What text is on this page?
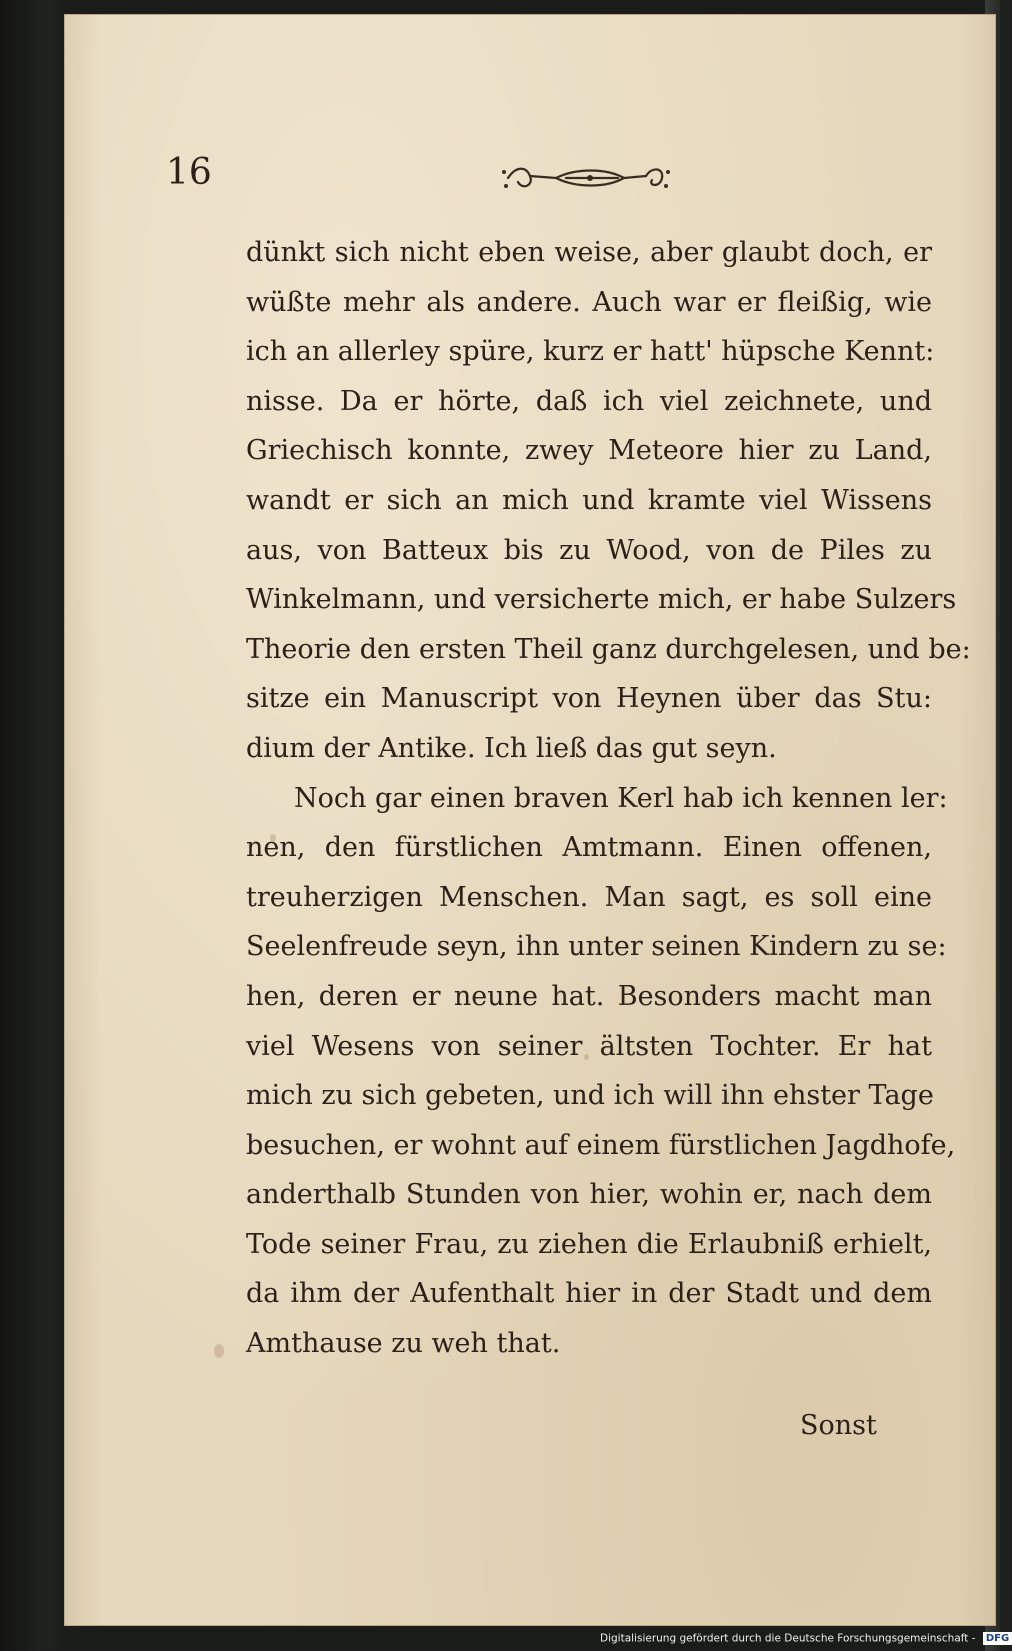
16
dünkt sich nicht eben weise, aber glaubt doch, er
wüßte mehr als andere. Auch war er fleißig, wie
ich an allerley spüre, kurz er hatt' hüpsche Kennt:
nisse. Da er hörte, daß ich viel zeichnete, und
Griechisch konnte, zwey Meteore hier zu Land,
wandt er sich an mich und kramte viel Wissens
aus, von Batteux bis zu Wood, von de Piles zu
Winkelmann, und versicherte mich, er habe Sulzers
Theorie den ersten Theil ganz durchgelesen, und be:
sitze ein Manuscript von Heynen über das Stu:
dium der Antike. Ich ließ das gut seyn.
Noch gar einen braven Kerl hab ich kennen ler:
nen, den fürstlichen Amtmann. Einen offenen,
treuherzigen Menschen. Man sagt, es soll eine
Seelenfreude seyn, ihn unter seinen Kindern zu se:
hen, deren er neune hat. Besonders macht man
viel Wesens von seiner ältsten Tochter. Er hat
mich zu sich gebeten, und ich will ihn ehster Tage
besuchen, er wohnt auf einem fürstlichen Jagdhofe,
anderthalb Stunden von hier, wohin er, nach dem
Tode seiner Frau, zu ziehen die Erlaubniß erhielt,
da ihm der Aufenthalt hier in der Stadt und dem
Amthause zu weh that.
Sonst
Digitalisierung gefördert durch die Deutsche Forschungsgemeinschaft - DFG
